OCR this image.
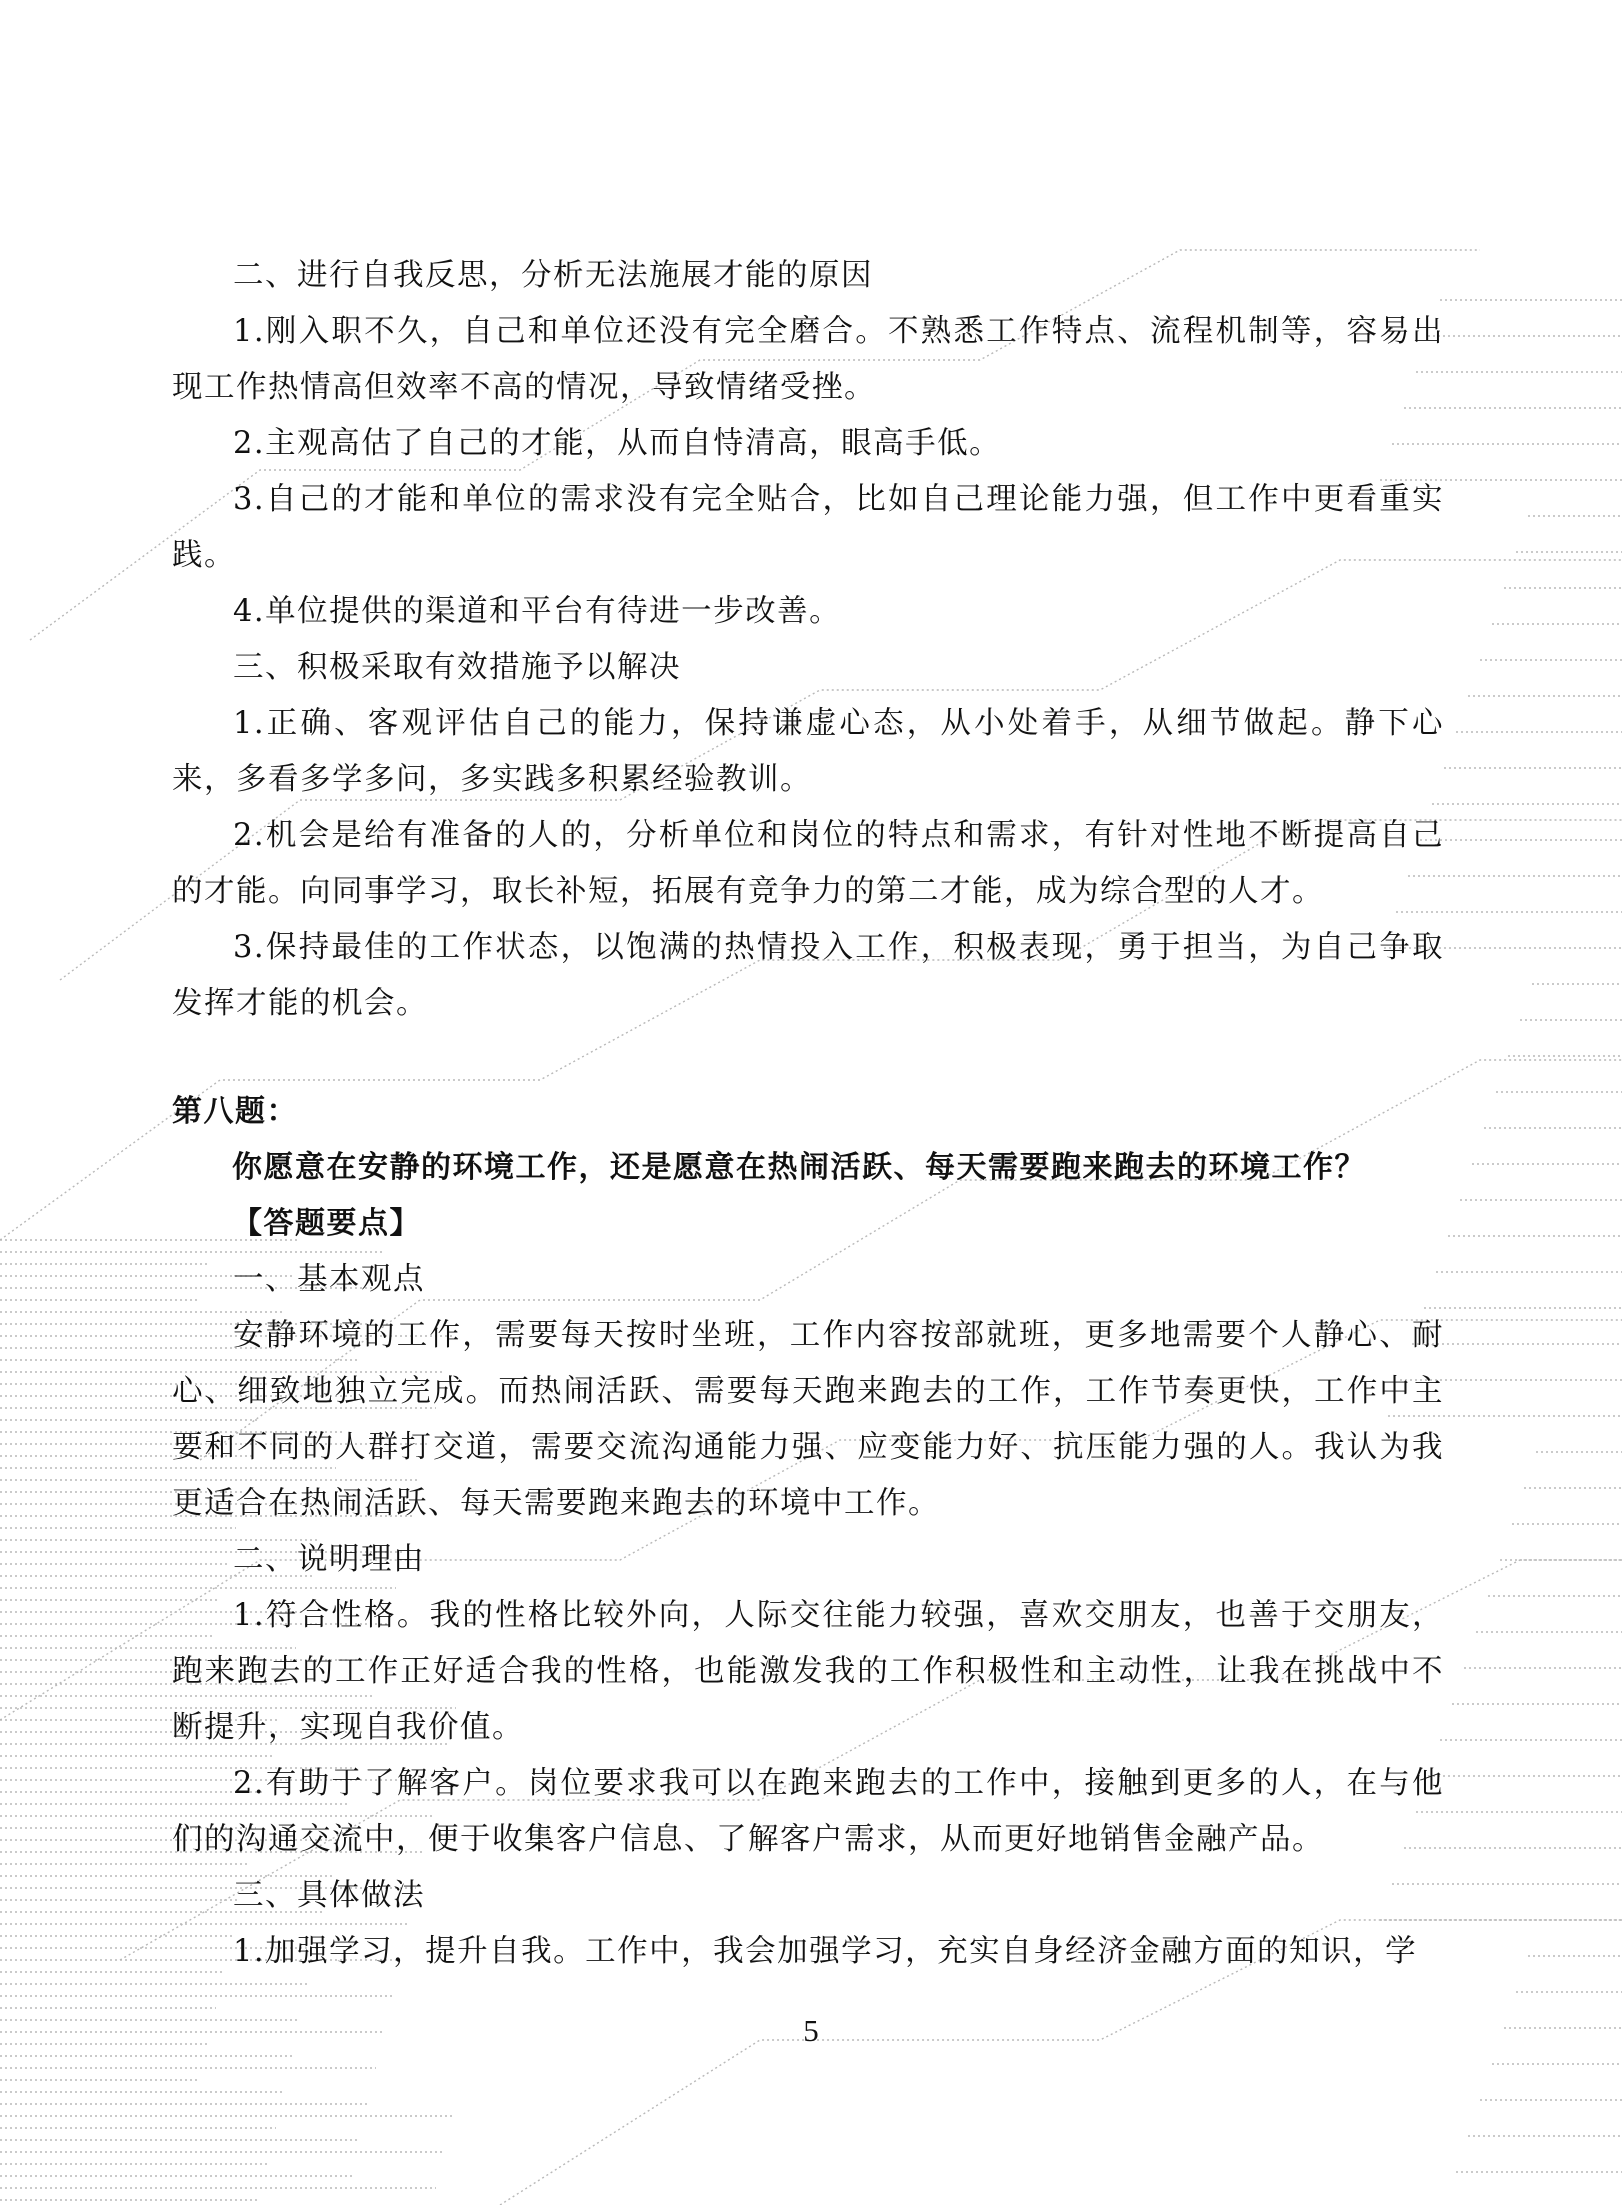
二、进行自我反思，分析无法施展才能的原因

1.刚入职不久，自己和单位还没有完全磨合。不熟悉工作特点、流程机制等，容易出现工作热情高但效率不高的情况，导致情绪受挫。

2.主观高估了自己的才能，从而自恃清高，眼高手低。

3.自己的才能和单位的需求没有完全贴合，比如自己理论能力强，但工作中更看重实践。

4.单位提供的渠道和平台有待进一步改善。

三、积极采取有效措施予以解决

1.正确、客观评估自己的能力，保持谦虚心态，从小处着手，从细节做起。静下心来，多看多学多问，多实践多积累经验教训。

2.机会是给有准备的人的，分析单位和岗位的特点和需求，有针对性地不断提高自己的才能。向同事学习，取长补短，拓展有竞争力的第二才能，成为综合型的人才。

3.保持最佳的工作状态，以饱满的热情投入工作，积极表现，勇于担当，为自己争取发挥才能的机会。

第八题：

你愿意在安静的环境工作，还是愿意在热闹活跃、每天需要跑来跑去的环境工作？

【答题要点】

一、基本观点

安静环境的工作，需要每天按时坐班，工作内容按部就班，更多地需要个人静心、耐心、细致地独立完成。而热闹活跃、需要每天跑来跑去的工作，工作节奏更快，工作中主要和不同的人群打交道，需要交流沟通能力强、应变能力好、抗压能力强的人。我认为我更适合在热闹活跃、每天需要跑来跑去的环境中工作。

二、说明理由

1.符合性格。我的性格比较外向，人际交往能力较强，喜欢交朋友，也善于交朋友，跑来跑去的工作正好适合我的性格，也能激发我的工作积极性和主动性，让我在挑战中不断提升，实现自我价值。

2.有助于了解客户。岗位要求我可以在跑来跑去的工作中，接触到更多的人，在与他们的沟通交流中，便于收集客户信息、了解客户需求，从而更好地销售金融产品。

三、具体做法

1.加强学习，提升自我。工作中，我会加强学习，充实自身经济金融方面的知识，学

5
